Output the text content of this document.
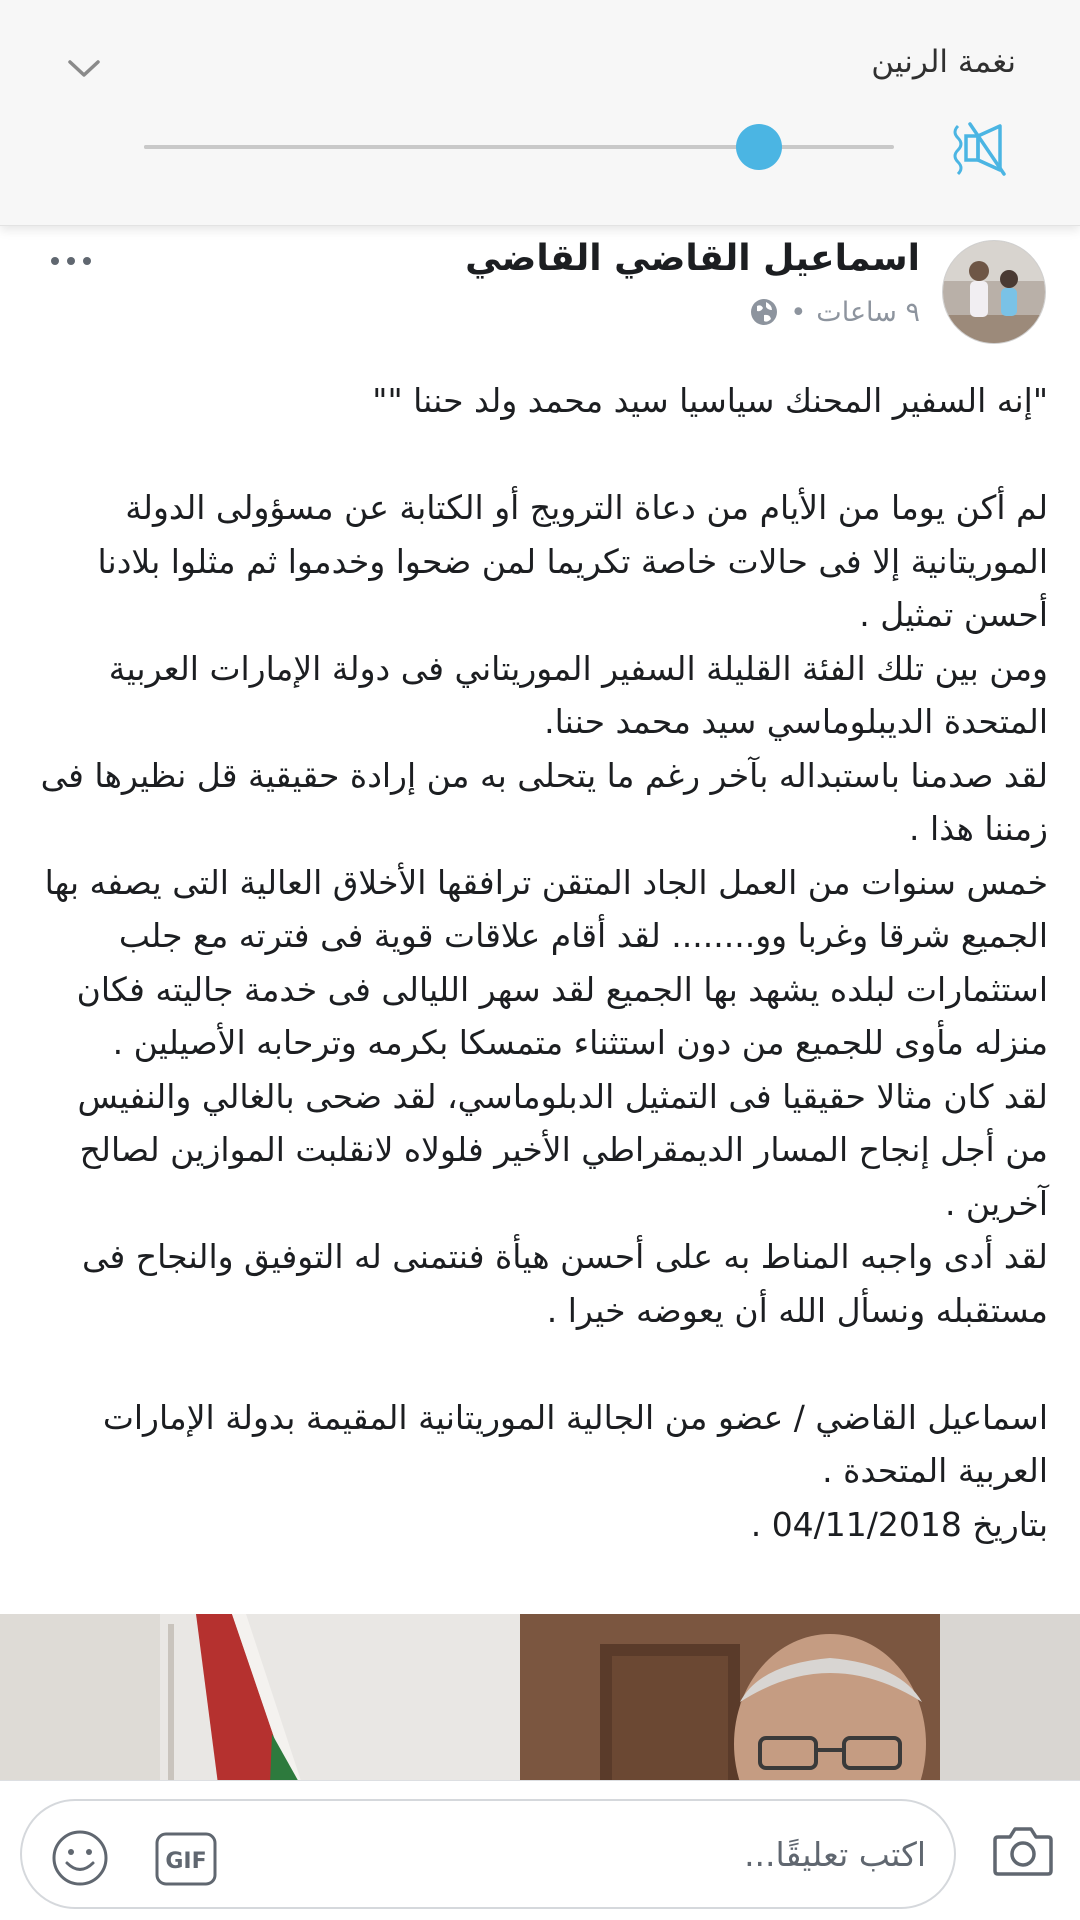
نغمة الرنين
اسماعيل القاضي القاضي
٩ ساعات
•

"إنه السفير المحنك سياسيا سيد محمد ولد حننا ""

لم أكن يوما من الأيام من دعاة الترويج أو الكتابة عن مسؤولى الدولة الموريتانية إلا فى حالات خاصة تكريما لمن ضحوا وخدموا ثم مثلوا بلادنا أحسن تمثيل .

ومن بين تلك الفئة القليلة السفير الموريتاني فى دولة الإمارات العربية المتحدة الديبلوماسي سيد محمد حننا.

لقد صدمنا باستبداله بآخر رغم ما يتحلى به من إرادة حقيقية قل نظيرها فى زمننا هذا .

خمس سنوات من العمل الجاد المتقن ترافقها الأخلاق العالية التى يصفه بها الجميع شرقا وغربا وو........ لقد أقام علاقات قوية فى فترته مع جلب استثمارات لبلده يشهد بها الجميع لقد سهر الليالى فى خدمة جاليته فكان منزله مأوى للجميع من دون استثناء متمسكا بكرمه وترحابه الأصيلين .

لقد كان مثالا حقيقيا فى التمثيل الدبلوماسي، لقد ضحى بالغالي والنفيس من أجل إنجاح المسار الديمقراطي الأخير فلولاه لانقلبت الموازين لصالح آخرين .

لقد أدى واجبه المناط به على أحسن هيأة فنتمنى له التوفيق والنجاح فى مستقبله ونسأل الله أن يعوضه خيرا .

اسماعيل القاضي / عضو من الجالية الموريتانية المقيمة بدولة الإمارات العربية المتحدة .

بتاريخ 04/11/2018 .

اكتب تعليقًا...
GIF
